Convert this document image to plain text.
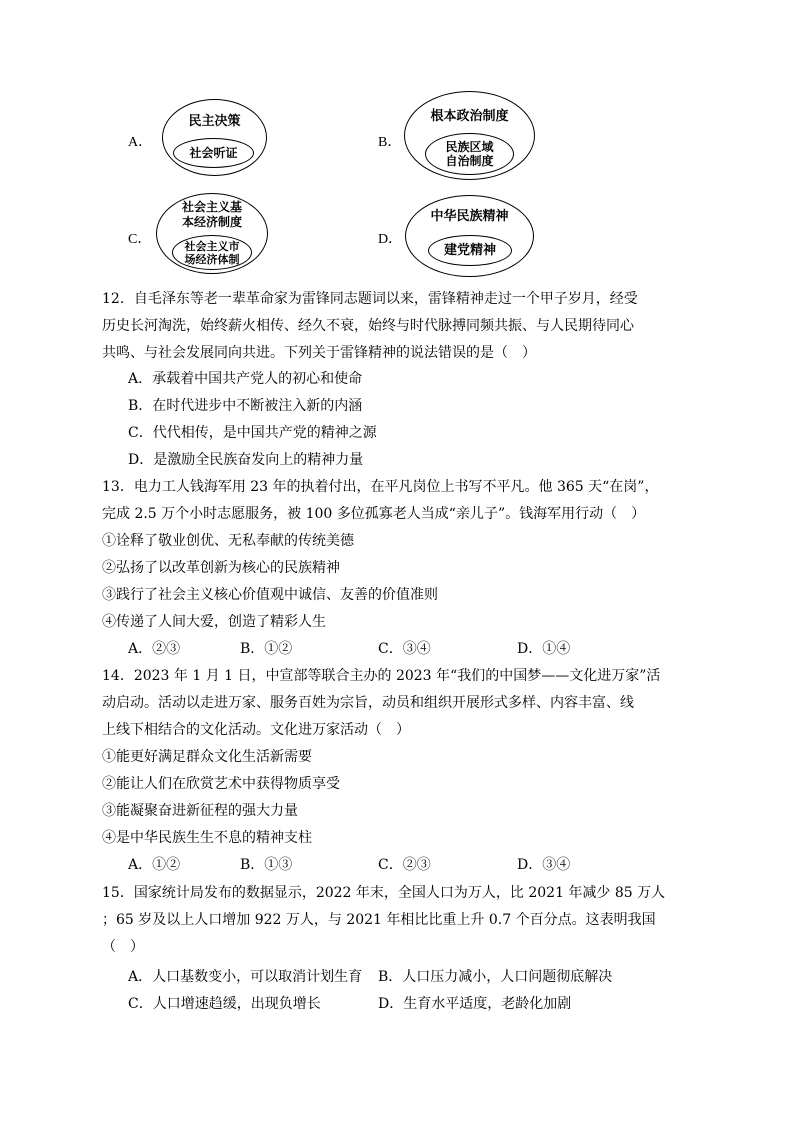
A．
民主决策
社会听证
B．
根本政治制度
民族区域
自治制度
C．
社会主义基
本经济制度
社会主义市
场经济体制
D．
中华民族精神
建党精神
12．自毛泽东等老一辈革命家为雷锋同志题词以来，雷锋精神走过一个甲子岁月，经受
历史长河淘洗，始终薪火相传、经久不衰，始终与时代脉搏同频共振、与人民期待同心
共鸣、与社会发展同向共进。下列关于雷锋精神的说法错误的是（　）
A．承载着中国共产党人的初心和使命
B．在时代进步中不断被注入新的内涵
C．代代相传，是中国共产党的精神之源
D．是激励全民族奋发向上的精神力量
13．电力工人钱海军用 23 年的执着付出，在平凡岗位上书写不平凡。他 365 天“在岗”，
完成 2.5 万个小时志愿服务，被 100 多位孤寡老人当成“亲儿子”。钱海军用行动（　）
①诠释了敬业创优、无私奉献的传统美德
②弘扬了以改革创新为核心的民族精神
③践行了社会主义核心价值观中诚信、友善的价值准则
④传递了人间大爱，创造了精彩人生
A．②③	B．①②	C．③④	D．①④
14．2023 年 1 月 1 日，中宣部等联合主办的 2023 年“我们的中国梦——文化进万家”活
动启动。活动以走进万家、服务百姓为宗旨，动员和组织开展形式多样、内容丰富、线
上线下相结合的文化活动。文化进万家活动（　）
①能更好满足群众文化生活新需要
②能让人们在欣赏艺术中获得物质享受
③能凝聚奋进新征程的强大力量
④是中华民族生生不息的精神支柱
A．①②	B．①③	C．②③	D．③④
15．国家统计局发布的数据显示，2022 年末，全国人口为万人，比 2021 年减少 85 万人
；65 岁及以上人口增加 922 万人，与 2021 年相比比重上升 0.7 个百分点。这表明我国
（　）
A．人口基数变小，可以取消计划生育 B．人口压力减小，人口问题彻底解决
C．人口增速趋缓，出现负增长	D．生育水平适度，老龄化加剧
